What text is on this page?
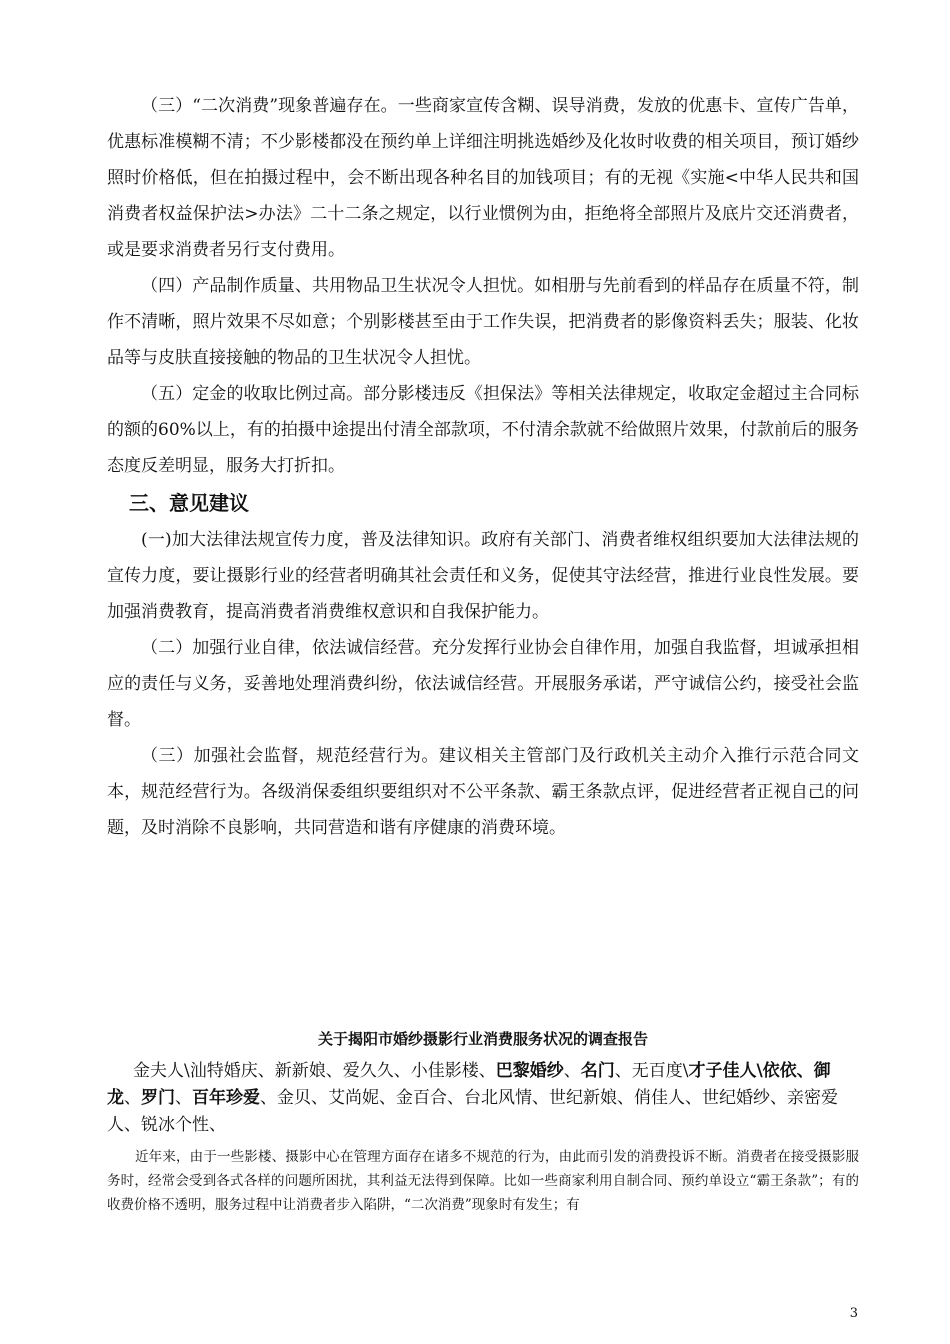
（三）“二次消费”现象普遍存在。一些商家宣传含糊、误导消费，发放的优惠卡、宣传广告单，优惠标准模糊不清；不少影楼都没在预约单上详细注明挑选婚纱及化妆时收费的相关项目，预订婚纱照时价格低，但在拍摄过程中，会不断出现各种名目的加钱项目；有的无视《实施<中华人民共和国消费者权益保护法>办法》二十二条之规定，以行业惯例为由，拒绝将全部照片及底片交还消费者，或是要求消费者另行支付费用。

（四）产品制作质量、共用物品卫生状况令人担忧。如相册与先前看到的样品存在质量不符，制作不清晰，照片效果不尽如意；个别影楼甚至由于工作失误，把消费者的影像资料丢失；服装、化妆品等与皮肤直接接触的物品的卫生状况令人担忧。

（五）定金的收取比例过高。部分影楼违反《担保法》等相关法律规定，收取定金超过主合同标的额的60%以上，有的拍摄中途提出付清全部款项，不付清余款就不给做照片效果，付款前后的服务态度反差明显，服务大打折扣。

三、意见建议

(一)加大法律法规宣传力度，普及法律知识。政府有关部门、消费者维权组织要加大法律法规的宣传力度，要让摄影行业的经营者明确其社会责任和义务，促使其守法经营，推进行业良性发展。要加强消费教育，提高消费者消费维权意识和自我保护能力。

（二）加强行业自律，依法诚信经营。充分发挥行业协会自律作用，加强自我监督，坦诚承担相应的责任与义务，妥善地处理消费纠纷，依法诚信经营。开展服务承诺，严守诚信公约，接受社会监督。

（三）加强社会监督，规范经营行为。建议相关主管部门及行政机关主动介入推行示范合同文本，规范经营行为。各级消保委组织要组织对不公平条款、霸王条款点评，促进经营者正视自己的问题，及时消除不良影响，共同营造和谐有序健康的消费环境。

关于揭阳市婚纱摄影行业消费服务状况的调查报告

金夫人\汕特婚庆、新新娘、爱久久、小佳影楼、巴黎婚纱、名门、无百度\才子佳人\依依、御龙、罗门、百年珍爱、金贝、艾尚妮、金百合、台北风情、世纪新娘、俏佳人、世纪婚纱、亲密爱人、锐冰个性、

近年来，由于一些影楼、摄影中心在管理方面存在诸多不规范的行为，由此而引发的消费投诉不断。消费者在接受摄影服务时，经常会受到各式各样的问题所困扰，其利益无法得到保障。比如一些商家利用自制合同、预约单设立“霸王条款”；有的收费价格不透明，服务过程中让消费者步入陷阱，“二次消费”现象时有发生；有

3
